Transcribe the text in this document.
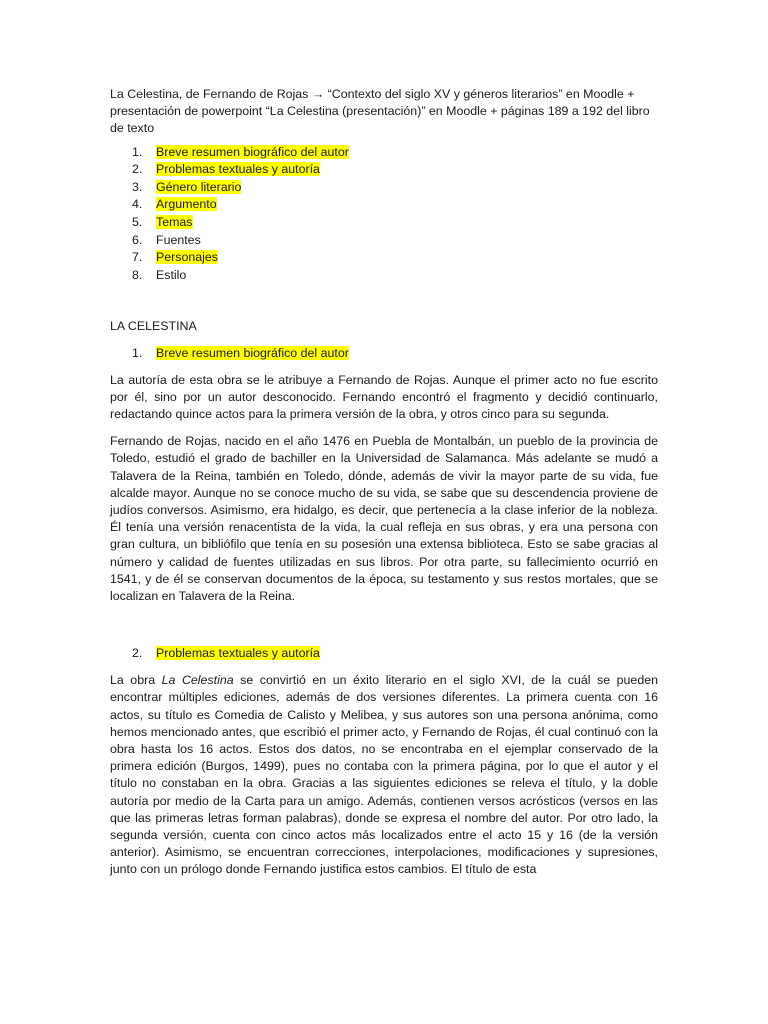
La Celestina, de Fernando de Rojas → “Contexto del siglo XV y géneros literarios” en Moodle + presentación de powerpoint “La Celestina (presentación)” en Moodle + páginas 189 a 192 del libro de texto

1. Breve resumen biográfico del autor
2. Problemas textuales y autoría
3. Género literario
4. Argumento
5. Temas
6. Fuentes
7. Personajes
8. Estilo

LA CELESTINA

1. Breve resumen biográfico del autor

La autoría de esta obra se le atribuye a Fernando de Rojas. Aunque el primer acto no fue escrito por él, sino por un autor desconocido. Fernando encontró el fragmento y decidió continuarlo, redactando quince actos para la primera versión de la obra, y otros cinco para su segunda.

Fernando de Rojas, nacido en el año 1476 en Puebla de Montalbán, un pueblo de la provincia de Toledo, estudió el grado de bachiller en la Universidad de Salamanca. Más adelante se mudó a Talavera de la Reina, también en Toledo, dónde, además de vivir la mayor parte de su vida, fue alcalde mayor. Aunque no se conoce mucho de su vida, se sabe que su descendencia proviene de judíos conversos. Asimismo, era hidalgo, es decir, que pertenecía a la clase inferior de la nobleza. Él tenía una versión renacentista de la vida, la cual refleja en sus obras, y era una persona con gran cultura, un bibliófilo que tenía en su posesión una extensa biblioteca. Esto se sabe gracias al número y calidad de fuentes utilizadas en sus libros. Por otra parte, su fallecimiento ocurrió en 1541, y de él se conservan documentos de la época, su testamento y sus restos mortales, que se localizan en Talavera de la Reina.

2. Problemas textuales y autoría

La obra La Celestina se convirtió en un éxito literario en el siglo XVI, de la cuál se pueden encontrar múltiples ediciones, además de dos versiones diferentes. La primera cuenta con 16 actos, su título es Comedia de Calisto y Melibea, y sus autores son una persona anónima, como hemos mencionado antes, que escribió el primer acto, y Fernando de Rojas, él cual continuó con la obra hasta los 16 actos. Estos dos datos, no se encontraba en el ejemplar conservado de la primera edición (Burgos, 1499), pues no contaba con la primera página, por lo que el autor y el título no constaban en la obra. Gracias a las siguientes ediciones se releva el título, y la doble autoría por medio de la Carta para un amigo. Además, contienen versos acrósticos (versos en las que las primeras letras forman palabras), donde se expresa el nombre del autor. Por otro lado, la segunda versión, cuenta con cinco actos más localizados entre el acto 15 y 16 (de la versión anterior). Asimismo, se encuentran correcciones, interpolaciones, modificaciones y supresiones, junto con un prólogo donde Fernando justifica estos cambios. El título de esta
